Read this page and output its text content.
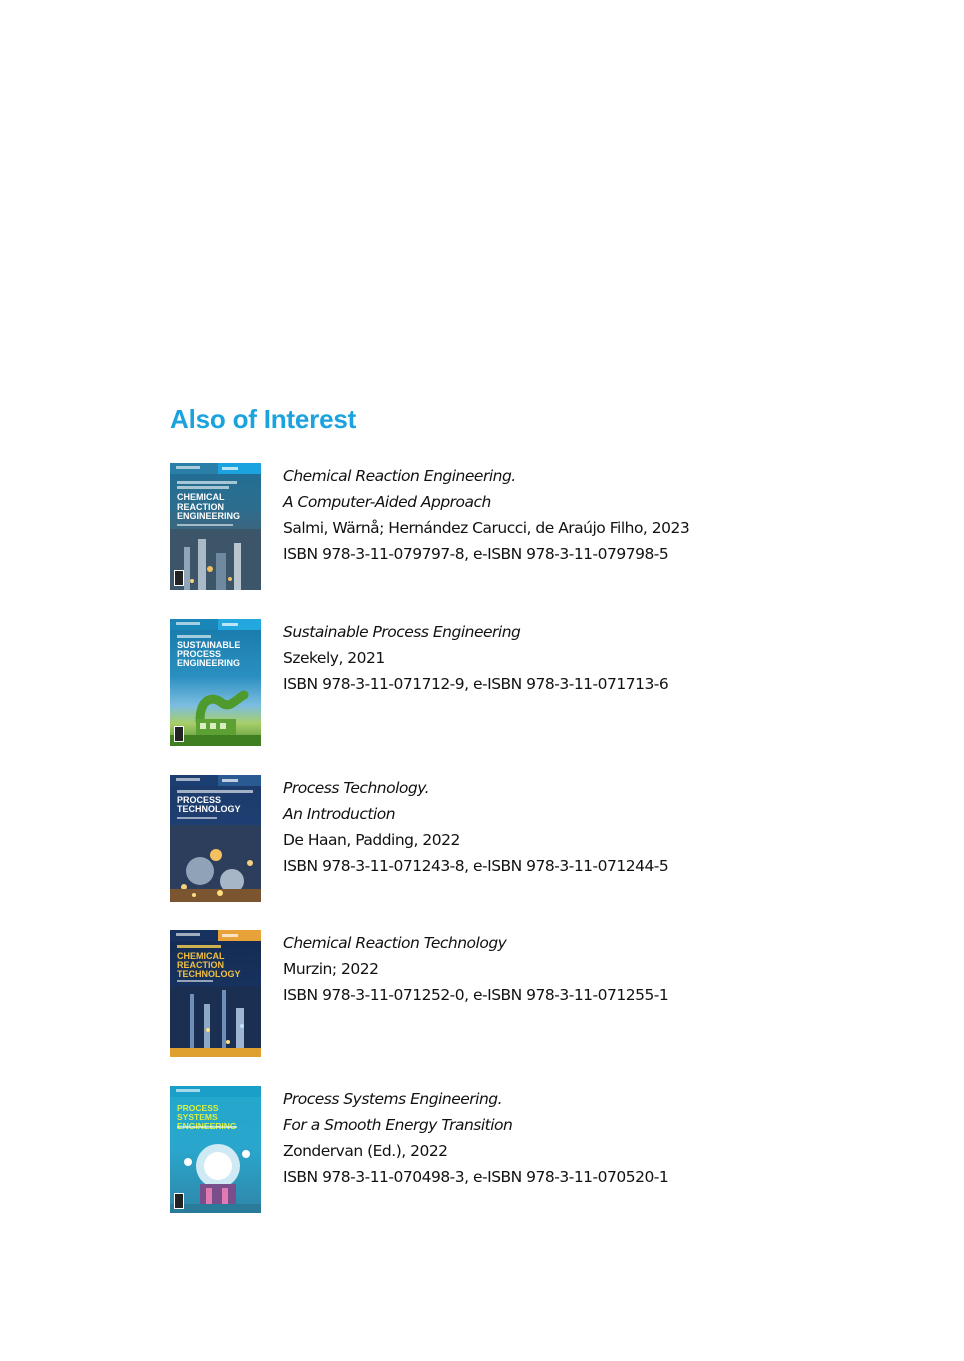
Also of Interest
CHEMICAL REACTION ENGINEERING
Chemical Reaction Engineering.
A Computer-Aided Approach
Salmi, Wärnå; Hernández Carucci, de Araújo Filho, 2023
ISBN 978-3-11-079797-8, e-ISBN 978-3-11-079798-5
SUSTAINABLE PROCESS ENGINEERING
Sustainable Process Engineering
Szekely, 2021
ISBN 978-3-11-071712-9, e-ISBN 978-3-11-071713-6
PROCESS TECHNOLOGY
Process Technology.
An Introduction
De Haan, Padding, 2022
ISBN 978-3-11-071243-8, e-ISBN 978-3-11-071244-5
CHEMICAL REACTION TECHNOLOGY
Chemical Reaction Technology
Murzin; 2022
ISBN 978-3-11-071252-0, e-ISBN 978-3-11-071255-1
PROCESS SYSTEMS
Process Systems Engineering.
For a Smooth Energy Transition
Zondervan (Ed.), 2022
ISBN 978-3-11-070498-3, e-ISBN 978-3-11-070520-1
